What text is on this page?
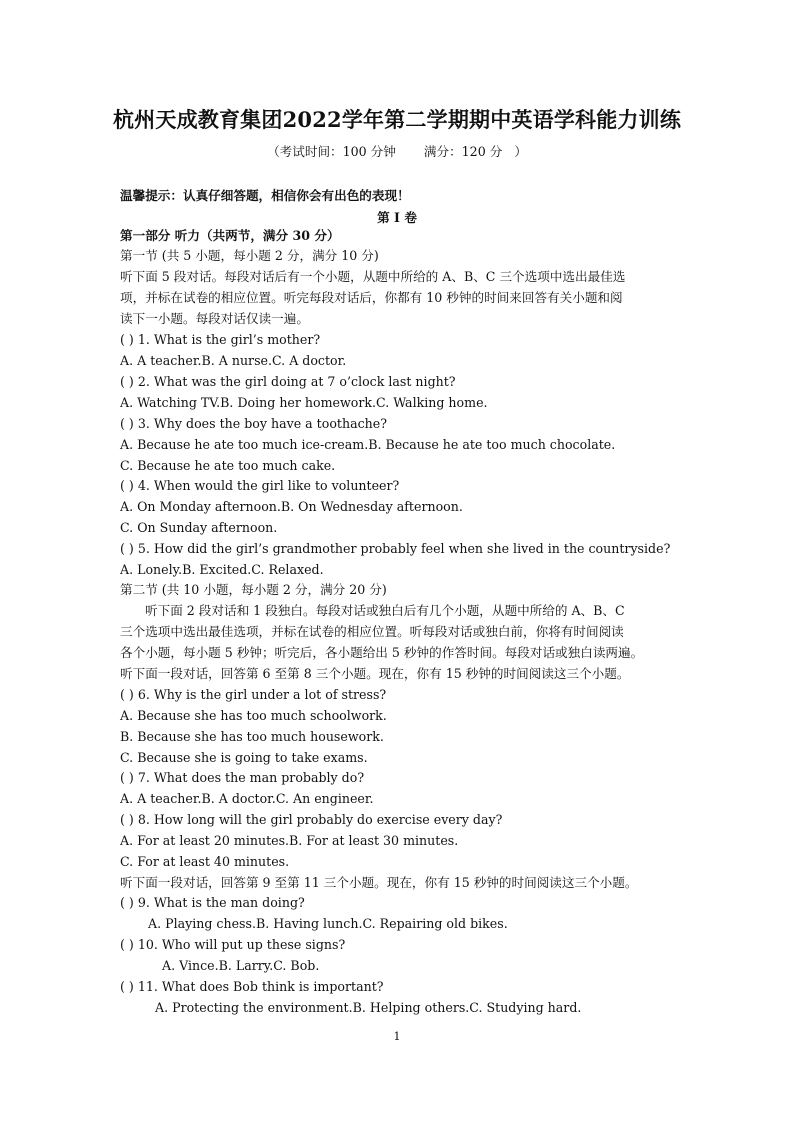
杭州天成教育集团2022学年第二学期期中英语学科能力训练
（考试时间：100 分钟       满分：120 分   ）
温馨提示：认真仔细答题，相信你会有出色的表现！
第 I 卷
第一部分 听力（共两节，满分 30 分）
第一节 (共 5 小题，每小题 2 分，满分 10 分)
听下面 5 段对话。每段对话后有一个小题，从题中所给的 A、B、C 三个选项中选出最佳选
项，并标在试卷的相应位置。听完每段对话后，你都有 10 秒钟的时间来回答有关小题和阅
读下一小题。每段对话仅读一遍。
( ) 1. What is the girl’s mother?
A. A teacher.B. A nurse.C. A doctor.
( ) 2. What was the girl doing at 7 o’clock last night?
A. Watching TV.B. Doing her homework.C. Walking home.
( ) 3. Why does the boy have a toothache?
A. Because he ate too much ice-cream.B. Because he ate too much chocolate.
C. Because he ate too much cake.
( ) 4. When would the girl like to volunteer?
A. On Monday afternoon.B. On Wednesday afternoon.
C. On Sunday afternoon.
( ) 5. How did the girl’s grandmother probably feel when she lived in the countryside?
A. Lonely.B. Excited.C. Relaxed.
第二节 (共 10 小题，每小题 2 分，满分 20 分)
听下面 2 段对话和 1 段独白。每段对话或独白后有几个小题，从题中所给的 A、B、C
三个选项中选出最佳选项，并标在试卷的相应位置。听每段对话或独白前，你将有时间阅读
各个小题，每小题 5 秒钟；听完后，各小题给出 5 秒钟的作答时间。每段对话或独白读两遍。
听下面一段对话，回答第 6 至第 8 三个小题。现在，你有 15 秒钟的时间阅读这三个小题。
( ) 6. Why is the girl under a lot of stress?
A. Because she has too much schoolwork.
B. Because she has too much housework.
C. Because she is going to take exams.
( ) 7. What does the man probably do?
A. A teacher.B. A doctor.C. An engineer.
( ) 8. How long will the girl probably do exercise every day?
A. For at least 20 minutes.B. For at least 30 minutes.
C. For at least 40 minutes.
听下面一段对话，回答第 9 至第 11 三个小题。现在，你有 15 秒钟的时间阅读这三个小题。
( ) 9. What is the man doing?
A. Playing chess.B. Having lunch.C. Repairing old bikes.
( ) 10. Who will put up these signs?
A. Vince.B. Larry.C. Bob.
( ) 11. What does Bob think is important?
A. Protecting the environment.B. Helping others.C. Studying hard.
1
